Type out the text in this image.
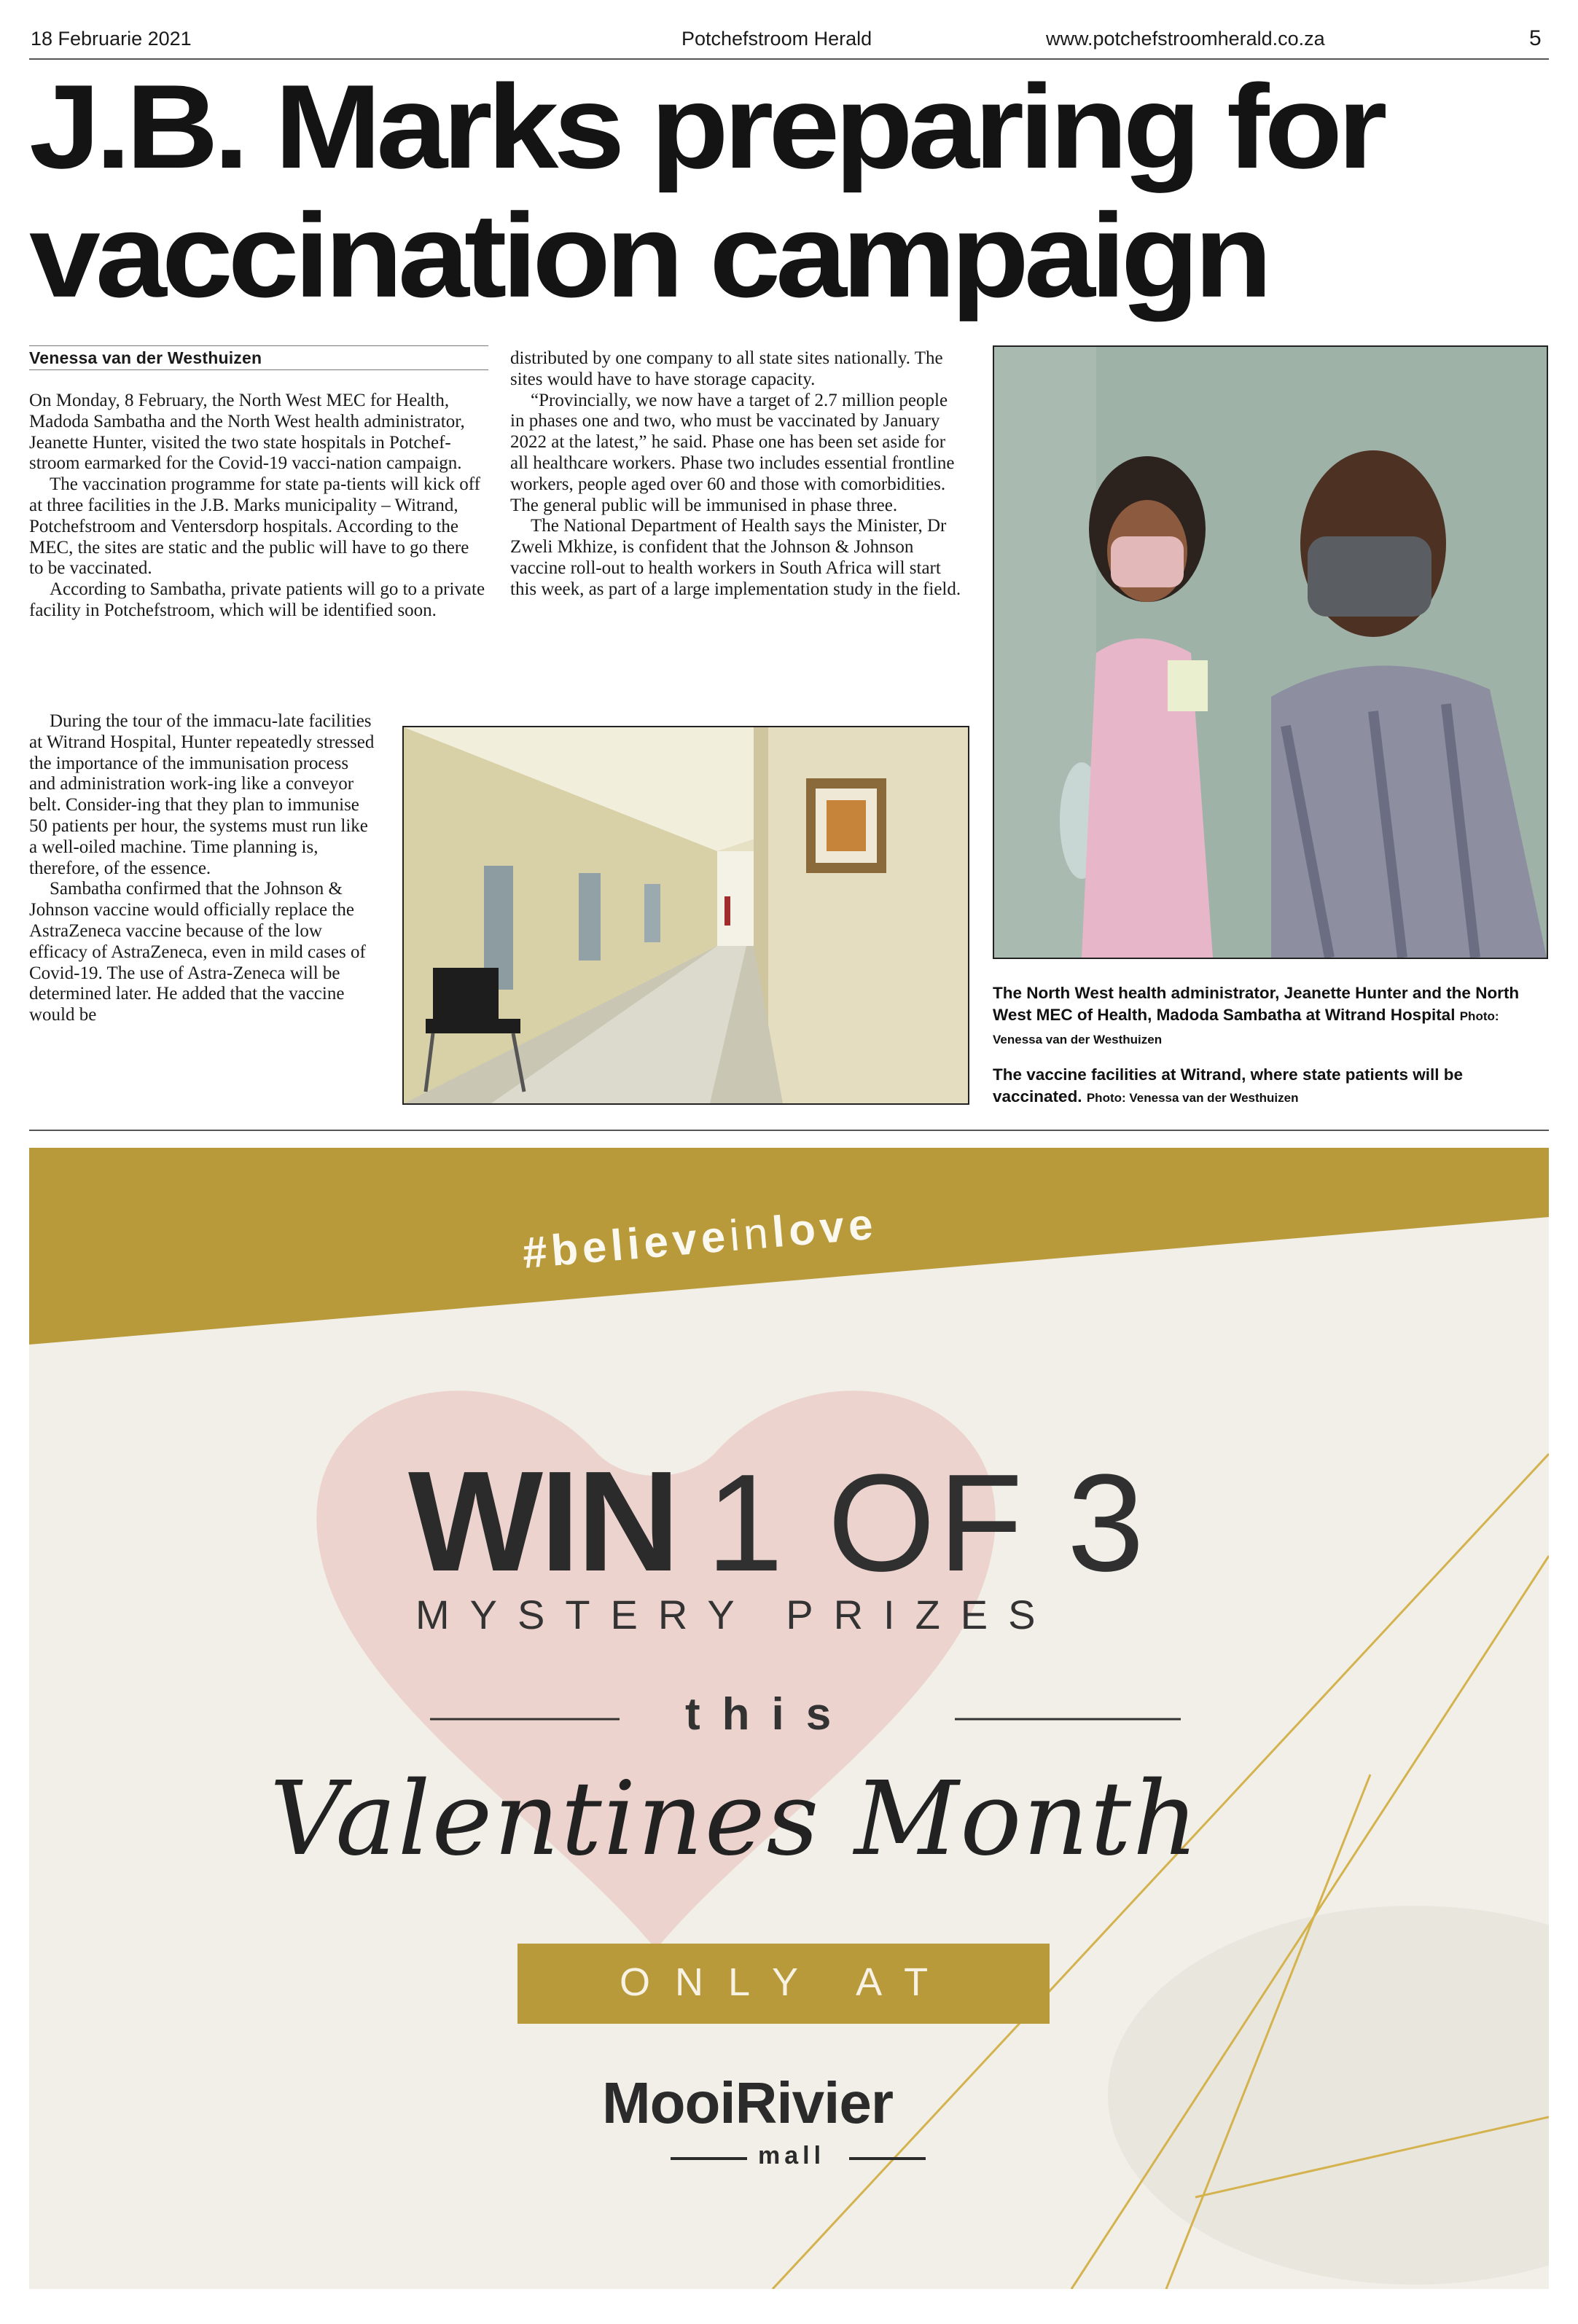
18 Februarie 2021	Potchefstroom Herald	www.potchefstroomherald.co.za	5
J.B. Marks preparing for
vaccination campaign
Venessa van der Westhuizen

On Monday, 8 February, the North West MEC for Health, Madoda Sambatha and the North West health administrator, Jeanette Hunter, visited the two state hospitals in Potchef-stroom earmarked for the Covid-19 vacci-nation campaign.

The vaccination programme for state pa-tients will kick off at three facilities in the J.B. Marks municipality – Witrand, Potchefstroom and Ventersdorp hospitals. According to the MEC, the sites are static and the public will have to go there to be vaccinated.

According to Sambatha, private patients will go to a private facility in Potchefstroom, which will be identified soon.

During the tour of the immacu-late facilities at Witrand Hospital, Hunter repeatedly stressed the importance of the immunisation process and administration work-ing like a conveyor belt. Consider-ing that they plan to immunise 50 patients per hour, the systems must run like a well-oiled machine. Time planning is, therefore, of the essence.

Sambatha confirmed that the Johnson & Johnson vaccine would officially replace the AstraZeneca vaccine because of the low efficacy of AstraZeneca, even in mild cases of Covid-19. The use of Astra-Zeneca will be determined later. He added that the vaccine would be

distributed by one company to all state sites nationally. The sites would have to have storage capacity.

“Provincially, we now have a target of 2.7 million people in phases one and two, who must be vaccinated by January 2022 at the latest,” he said. Phase one has been set aside for all healthcare workers. Phase two includes essential frontline workers, people aged over 60 and those with comorbidities. The general public will be immunised in phase three.

The National Department of Health says the Minister, Dr Zweli Mkhize, is confident that the Johnson & Johnson vaccine roll-out to health workers in South Africa will start this week, as part of a large implementation study in the field.

The vaccine facilities at Witrand, where state patients will be vaccinated. Photo: Venessa van der Westhuizen
The North West health administrator, Jeanette Hunter and the North West MEC of Health, Madoda Sambatha at Witrand Hospital Photo: Venessa van der Westhuizen
#believeinlove
WIN 1 OF 3
MYSTERY PRIZES
this
Valentines Month
ONLY AT
MooiRivier
mall
